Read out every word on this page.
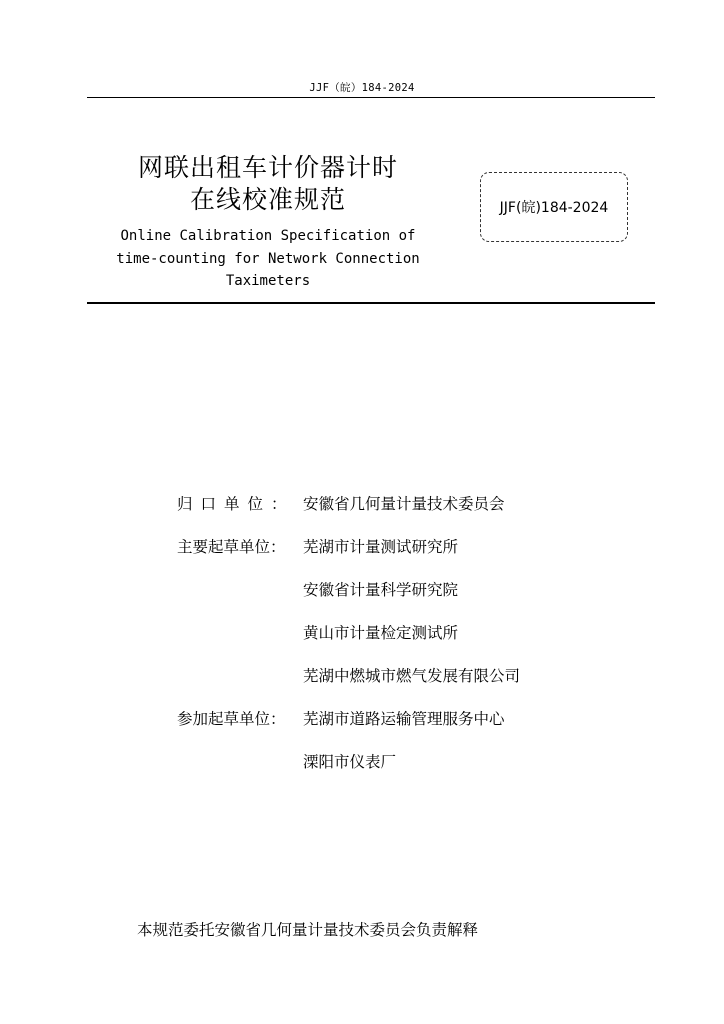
JJF（皖）184-2024
网联出租车计价器计时
在线校准规范
Online Calibration Specification of
time-counting for Network Connection
Taximeters
JJF(皖)184-2024
归口单位： 安徽省几何量计量技术委员会
主要起草单位：	芜湖市计量测试研究所
安徽省计量科学研究院
黄山市计量检定测试所
芜湖中燃城市燃气发展有限公司
参加起草单位：	芜湖市道路运输管理服务中心
溧阳市仪表厂
本规范委托安徽省几何量计量技术委员会负责解释
